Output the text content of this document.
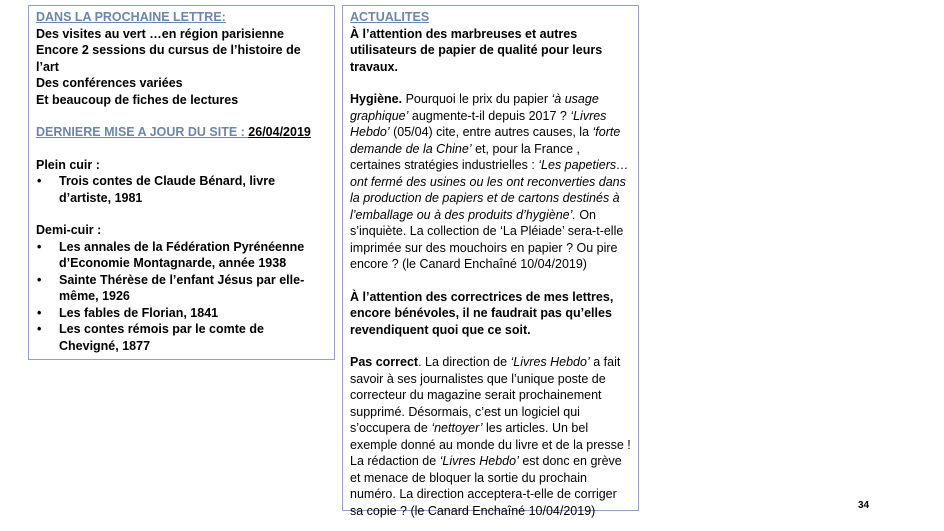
DANS LA PROCHAINE LETTRE:
Des visites au vert …en région parisienne
Encore 2 sessions du cursus de l’histoire de l’art
Des conférences variées
Et beaucoup de fiches de lectures
DERNIERE MISE A JOUR DU SITE : 26/04/2019
Plein cuir :
• Trois contes de Claude Bénard, livre d’artiste, 1981
Demi-cuir :
• Les annales de la Fédération Pyrénéenne d’Economie Montagnarde, année 1938
• Sainte Thérèse de l’enfant Jésus par elle-même, 1926
• Les fables de Florian, 1841
• Les contes rémois par le comte de Chevigné, 1877
ACTUALITES

À l’attention des marbreuses et autres utilisateurs de papier de qualité pour leurs travaux.

Hygiène. Pourquoi le prix du papier ‘à usage graphique’ augmente-t-il depuis 2017 ? ‘Livres Hebdo’ (05/04) cite, entre autres causes, la ‘forte demande de la Chine’ et, pour la France , certaines stratégies industrielles : ‘Les papetiers…ont fermé des usines ou les ont reconverties dans la production de papiers et de cartons destinés à l’emballage ou à des produits d’hygiène’. On s’inquiète. La collection de ‘La Pléiade’ sera-t-elle imprimée sur des mouchoirs en papier ? Ou pire encore ? (le Canard Enchaîné 10/04/2019)

À l’attention des correctrices de mes lettres, encore bénévoles, il ne faudrait pas qu’elles revendiquent quoi que ce soit.

Pas correct. La direction de ‘Livres Hebdo’ a fait savoir à ses journalistes que l’unique poste de correcteur du magazine serait prochainement supprimé. Désormais, c’est un logiciel qui s’occupera de ‘nettoyer’ les articles. Un bel exemple donné au monde du livre et de la presse ! La rédaction de ‘Livres Hebdo’ est donc en grève et menace de bloquer la sortie du prochain numéro. La direction acceptera-t-elle de corriger sa copie ? (le Canard Enchaîné 10/04/2019)	34
